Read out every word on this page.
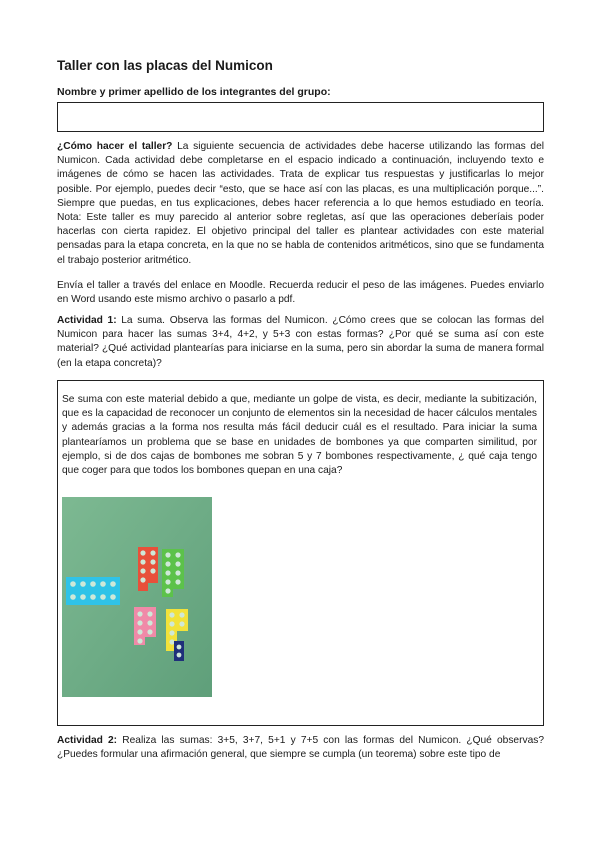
Taller con las placas del Numicon

Nombre y primer apellido de los integrantes del grupo:

¿Cómo hacer el taller? La siguiente secuencia de actividades debe hacerse utilizando las formas del Numicon. Cada actividad debe completarse en el espacio indicado a continuación, incluyendo texto e imágenes de cómo se hacen las actividades. Trata de explicar tus respuestas y justificarlas lo mejor posible. Por ejemplo, puedes decir “esto, que se hace así con las placas, es una multiplicación porque...”. Siempre que puedas, en tus explicaciones, debes hacer referencia a lo que hemos estudiado en teoría. Nota: Este taller es muy parecido al anterior sobre regletas, así que las operaciones deberíais poder hacerlas con cierta rapidez. El objetivo principal del taller es plantear actividades con este material pensadas para la etapa concreta, en la que no se habla de contenidos aritméticos, sino que se fundamenta el trabajo posterior aritmético.

Envía el taller a través del enlace en Moodle. Recuerda reducir el peso de las imágenes. Puedes enviarlo en Word usando este mismo archivo o pasarlo a pdf.

Actividad 1: La suma. Observa las formas del Numicon. ¿Cómo crees que se colocan las formas del Numicon para hacer las sumas 3+4, 4+2, y 5+3 con estas formas? ¿Por qué se suma así con este material? ¿Qué actividad plantearías para iniciarse en la suma, pero sin abordar la suma de manera formal (en la etapa concreta)?

Se suma con este material debido a que, mediante un golpe de vista, es decir, mediante la subitización, que es la capacidad de reconocer un conjunto de elementos sin la necesidad de hacer cálculos mentales y además gracias a la forma nos resulta más fácil deducir cuál es el resultado. Para iniciar la suma plantearíamos un problema que se base en unidades de bombones ya que comparten similitud, por ejemplo, si de dos cajas de bombones me sobran 5 y 7 bombones respectivamente, ¿ qué caja tengo que coger para que todos los bombones quepan en una caja?

Actividad 2: Realiza las sumas: 3+5, 3+7, 5+1 y 7+5 con las formas del Numicon. ¿Qué observas? ¿Puedes formular una afirmación general, que siempre se cumpla (un teorema) sobre este tipo de
